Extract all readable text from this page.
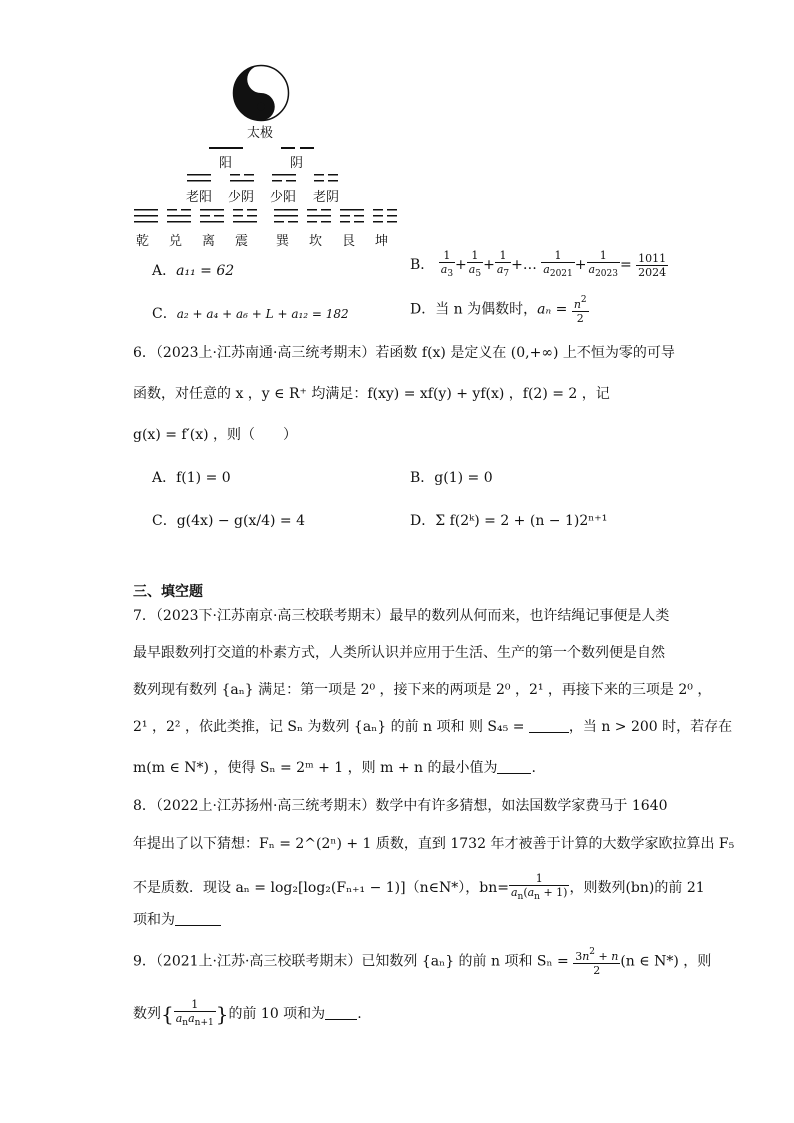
太极
阳	阴
老阳 少阴 少阳 老阴
乾 兑 离 震 巽 坎 艮 坤
A．a₁₁ = 62	B． $\frac{1}{a_3} + \frac{1}{a_5} + \frac{1}{a_7}$ +… $\frac{1}{a_{2021}} + \frac{1}{a_{2023}} = \frac{1011}{2024}$
C．a₂ + a₄ + a₆ + L + a₁₂ = 182	D．当 n 为偶数时，$a_n = \frac{n^2}{2}$
6．（2023上·江苏南通·高三统考期末）若函数 f(x) 是定义在 (0,+∞) 上不恒为零的可导
函数，对任意的 x ，y ∈ R⁺ 均满足：f(xy) = xf(y) + yf(x) ，f(2) = 2 ，记
g(x) = f′(x) ，则（　　）
A．f(1) = 0	B．g(1) = 0
C．g(4x) − g(x/4) = 4	D．Σ f(2ᵏ) = 2 + (n − 1)2ⁿ⁺¹
三、填空题
7．（2023下·江苏南京·高三校联考期末）最早的数列从何而来，也许结绳记事便是人类
最早跟数列打交道的朴素方式，人类所认识并应用于生活、生产的第一个数列便是自然
数列现有数列 {aₙ} 满足：第一项是 2⁰ ，接下来的两项是 2⁰ ，2¹ ，再接下来的三项是 2⁰ ，
2¹ ，2² ，依此类推，记 Sₙ 为数列 {aₙ} 的前 n 项和 则 S₄₅ =	，当 n > 200 时，若存在
m(m ∈ N*) ，使得 Sₙ = 2ᵐ + 1 ，则 m + n 的最小值为 .
8．（2022上·江苏扬州·高三统考期末）数学中有许多猜想，如法国数学家费马于 1640
年提出了以下猜想：Fₙ = 2^(2ⁿ) + 1 质数，直到 1732 年才被善于计算的大数学家欧拉算出 F₅
不是质数．现设 aₙ = log₂[log₂(Fₙ₊₁ − 1)]（n∈N*），$bn= \frac{1}{a_n(a_n + 1)}$ ，则数列(bn)的前 21
项和为
9．（2021上·江苏·高三校联考期末）已知数列 {aₙ} 的前 n 项和 $S_n = \frac{3n^2 + n}{2} (n$ ∈ N*) ，则
数列{ $\frac{1}{a_na_{n+1}}$ }的前 10 项和为 .
